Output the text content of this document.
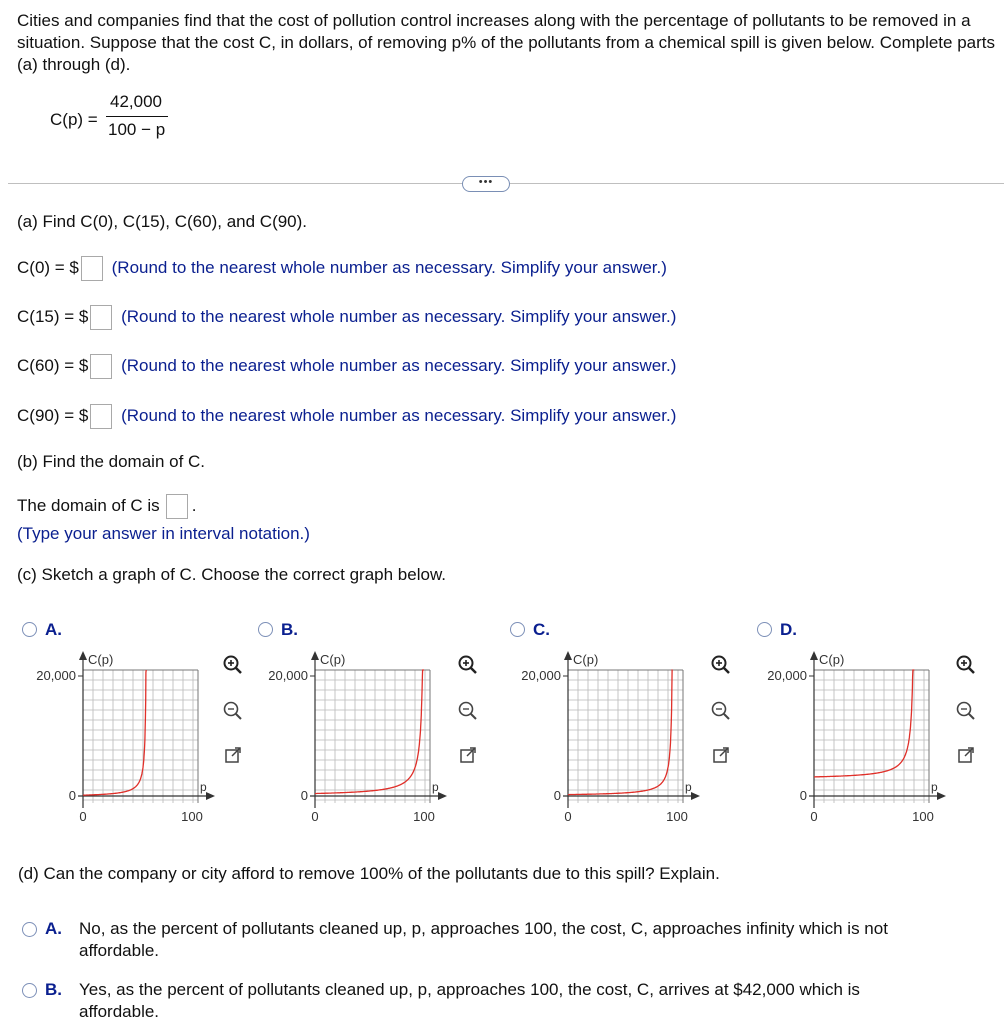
Cities and companies find that the cost of pollution control increases along with the percentage of pollutants to be removed in a situation. Suppose that the cost C, in dollars, of removing p% of the pollutants from a chemical spill is given below. Complete parts (a) through (d).
C(p) =
42,000
100 − p
•••
(a) Find C(0), C(15), C(60), and C(90).
C(0) = $ (Round to the nearest whole number as necessary. Simplify your answer.)
C(15) = $ (Round to the nearest whole number as necessary. Simplify your answer.)
C(60) = $ (Round to the nearest whole number as necessary. Simplify your answer.)
C(90) = $ (Round to the nearest whole number as necessary. Simplify your answer.)
(b) Find the domain of C.
The domain of C is .
(Type your answer in interval notation.)
(c) Sketch a graph of C. Choose the correct graph below.
A.
C(p)
20,000
0
0	100
p
B.
C(p)
20,000
0
0	100
p
C.
C(p)
20,000
0
0	100
p
D.
C(p)
20,000
0
0	100
p
(d) Can the company or city afford to remove 100% of the pollutants due to this spill? Explain.
A. No, as the percent of pollutants cleaned up, p, approaches 100, the cost, C, approaches infinity which is not
affordable.
B. Yes, as the percent of pollutants cleaned up, p, approaches 100, the cost, C, arrives at $42,000 which is
affordable.
